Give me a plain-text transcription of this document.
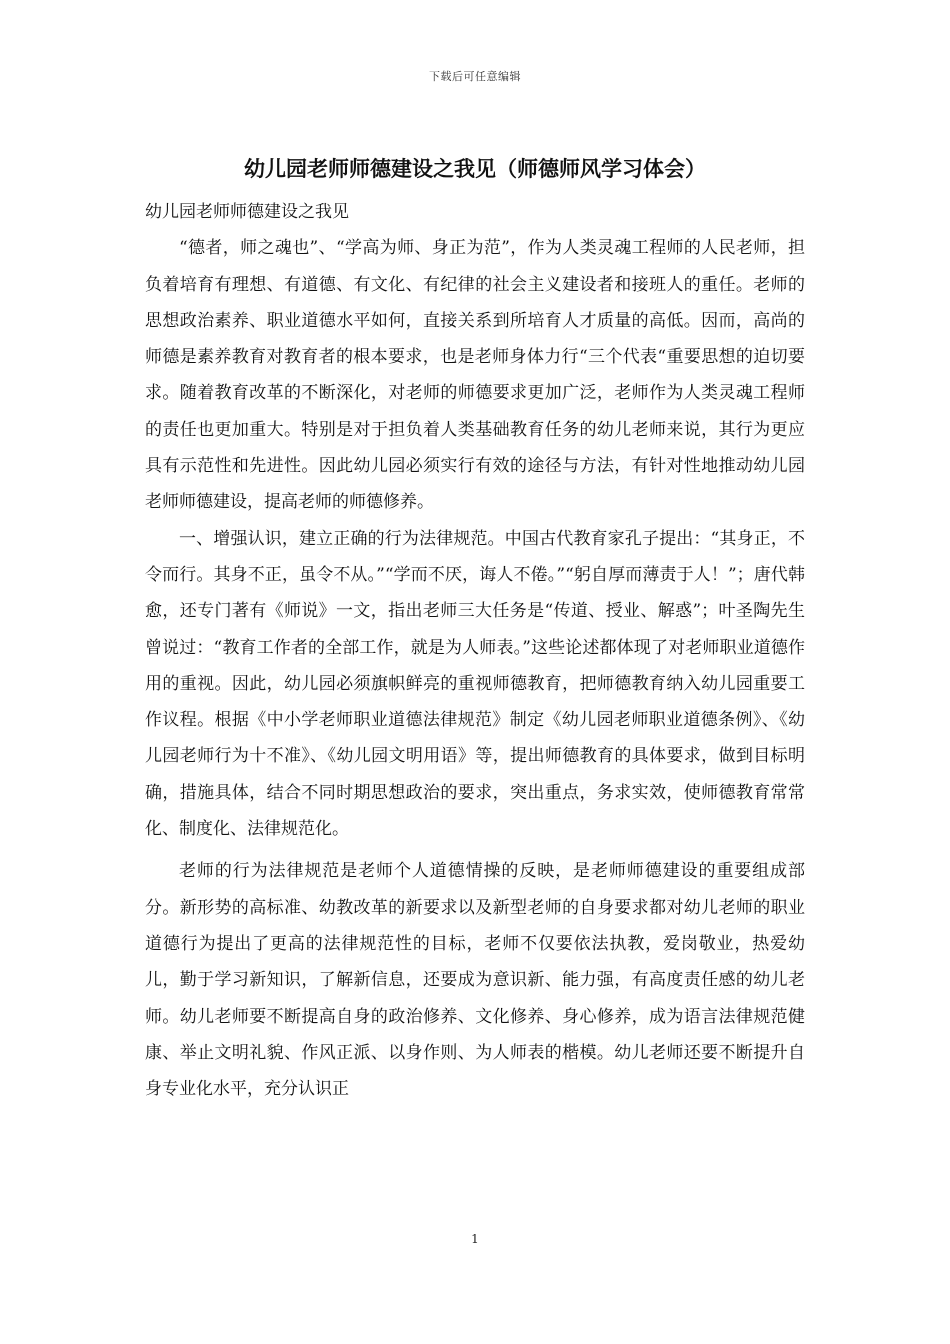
下载后可任意编辑
幼儿园老师师德建设之我见（师德师风学习体会）

幼儿园老师师德建设之我见

“德者，师之魂也”、“学高为师、身正为范”，作为人类灵魂工程师的人民老师，担负着培育有理想、有道德、有文化、有纪律的社会主义建设者和接班人的重任。老师的思想政治素养、职业道德水平如何，直接关系到所培育人才质量的高低。因而，高尚的师德是素养教育对教育者的根本要求，也是老师身体力行“三个代表“重要思想的迫切要求。随着教育改革的不断深化，对老师的师德要求更加广泛，老师作为人类灵魂工程师的责任也更加重大。特别是对于担负着人类基础教育任务的幼儿老师来说，其行为更应具有示范性和先进性。因此幼儿园必须实行有效的途径与方法，有针对性地推动幼儿园老师师德建设，提高老师的师德修养。

一、增强认识，建立正确的行为法律规范。中国古代教育家孔子提出：“其身正，不令而行。其身不正，虽令不从。”“学而不厌，诲人不倦。”“躬自厚而薄责于人！”；唐代韩愈，还专门著有《师说》一文，指出老师三大任务是“传道、授业、解惑”；叶圣陶先生曾说过：“教育工作者的全部工作，就是为人师表。”这些论述都体现了对老师职业道德作用的重视。因此，幼儿园必须旗帜鲜亮的重视师德教育，把师德教育纳入幼儿园重要工作议程。根据《中小学老师职业道德法律规范》制定《幼儿园老师职业道德条例》、《幼儿园老师行为十不准》、《幼儿园文明用语》等，提出师德教育的具体要求，做到目标明确，措施具体，结合不同时期思想政治的要求，突出重点，务求实效，使师德教育常常化、制度化、法律规范化。

老师的行为法律规范是老师个人道德情操的反映，是老师师德建设的重要组成部分。新形势的高标准、幼教改革的新要求以及新型老师的自身要求都对幼儿老师的职业道德行为提出了更高的法律规范性的目标，老师不仅要依法执教，爱岗敬业，热爱幼儿，勤于学习新知识，了解新信息，还要成为意识新、能力强，有高度责任感的幼儿老师。幼儿老师要不断提高自身的政治修养、文化修养、身心修养，成为语言法律规范健康、举止文明礼貌、作风正派、以身作则、为人师表的楷模。幼儿老师还要不断提升自身专业化水平，充分认识正

1
